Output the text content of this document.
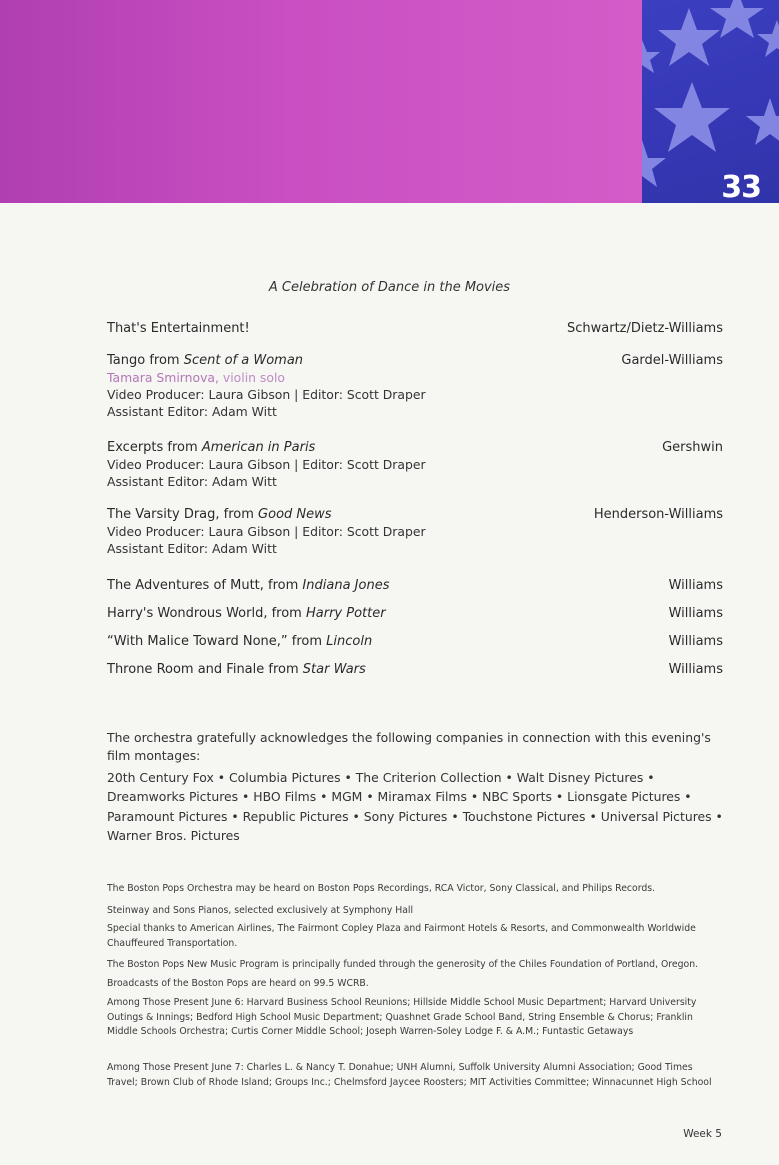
33
A Celebration of Dance in the Movies
That's Entertainment!	Schwartz/Dietz-Williams
Tango from Scent of a Woman	Gardel-Williams
Tamara Smirnova, violin solo
Video Producer: Laura Gibson | Editor: Scott Draper
Assistant Editor: Adam Witt
Excerpts from American in Paris	Gershwin
Video Producer: Laura Gibson | Editor: Scott Draper
Assistant Editor: Adam Witt
The Varsity Drag, from Good News	Henderson-Williams
Video Producer: Laura Gibson | Editor: Scott Draper
Assistant Editor: Adam Witt
The Adventures of Mutt, from Indiana Jones	Williams
Harry's Wondrous World, from Harry Potter	Williams
“With Malice Toward None,” from Lincoln	Williams
Throne Room and Finale from Star Wars	Williams
The orchestra gratefully acknowledges the following companies in connection with this evening's film montages:
20th Century Fox • Columbia Pictures • The Criterion Collection • Walt Disney Pictures •
Dreamworks Pictures • HBO Films • MGM • Miramax Films • NBC Sports • Lionsgate Pictures •
Paramount Pictures • Republic Pictures • Sony Pictures • Touchstone Pictures • Universal Pictures •
Warner Bros. Pictures
The Boston Pops Orchestra may be heard on Boston Pops Recordings, RCA Victor, Sony Classical, and Philips Records.
Steinway and Sons Pianos, selected exclusively at Symphony Hall
Special thanks to American Airlines, The Fairmont Copley Plaza and Fairmont Hotels & Resorts, and Commonwealth Worldwide Chauffeured Transportation.
The Boston Pops New Music Program is principally funded through the generosity of the Chiles Foundation of Portland, Oregon.
Broadcasts of the Boston Pops are heard on 99.5 WCRB.
Among Those Present June 6: Harvard Business School Reunions; Hillside Middle School Music Department; Harvard University Outings & Innings; Bedford High School Music Department; Quashnet Grade School Band, String Ensemble & Chorus; Franklin Middle Schools Orchestra; Curtis Corner Middle School; Joseph Warren-Soley Lodge F. & A.M.; Funtastic Getaways
Among Those Present June 7: Charles L. & Nancy T. Donahue; UNH Alumni, Suffolk University Alumni Association; Good Times Travel; Brown Club of Rhode Island; Groups Inc.; Chelmsford Jaycee Roosters; MIT Activities Committee; Winnacunnet High School
Week 5
